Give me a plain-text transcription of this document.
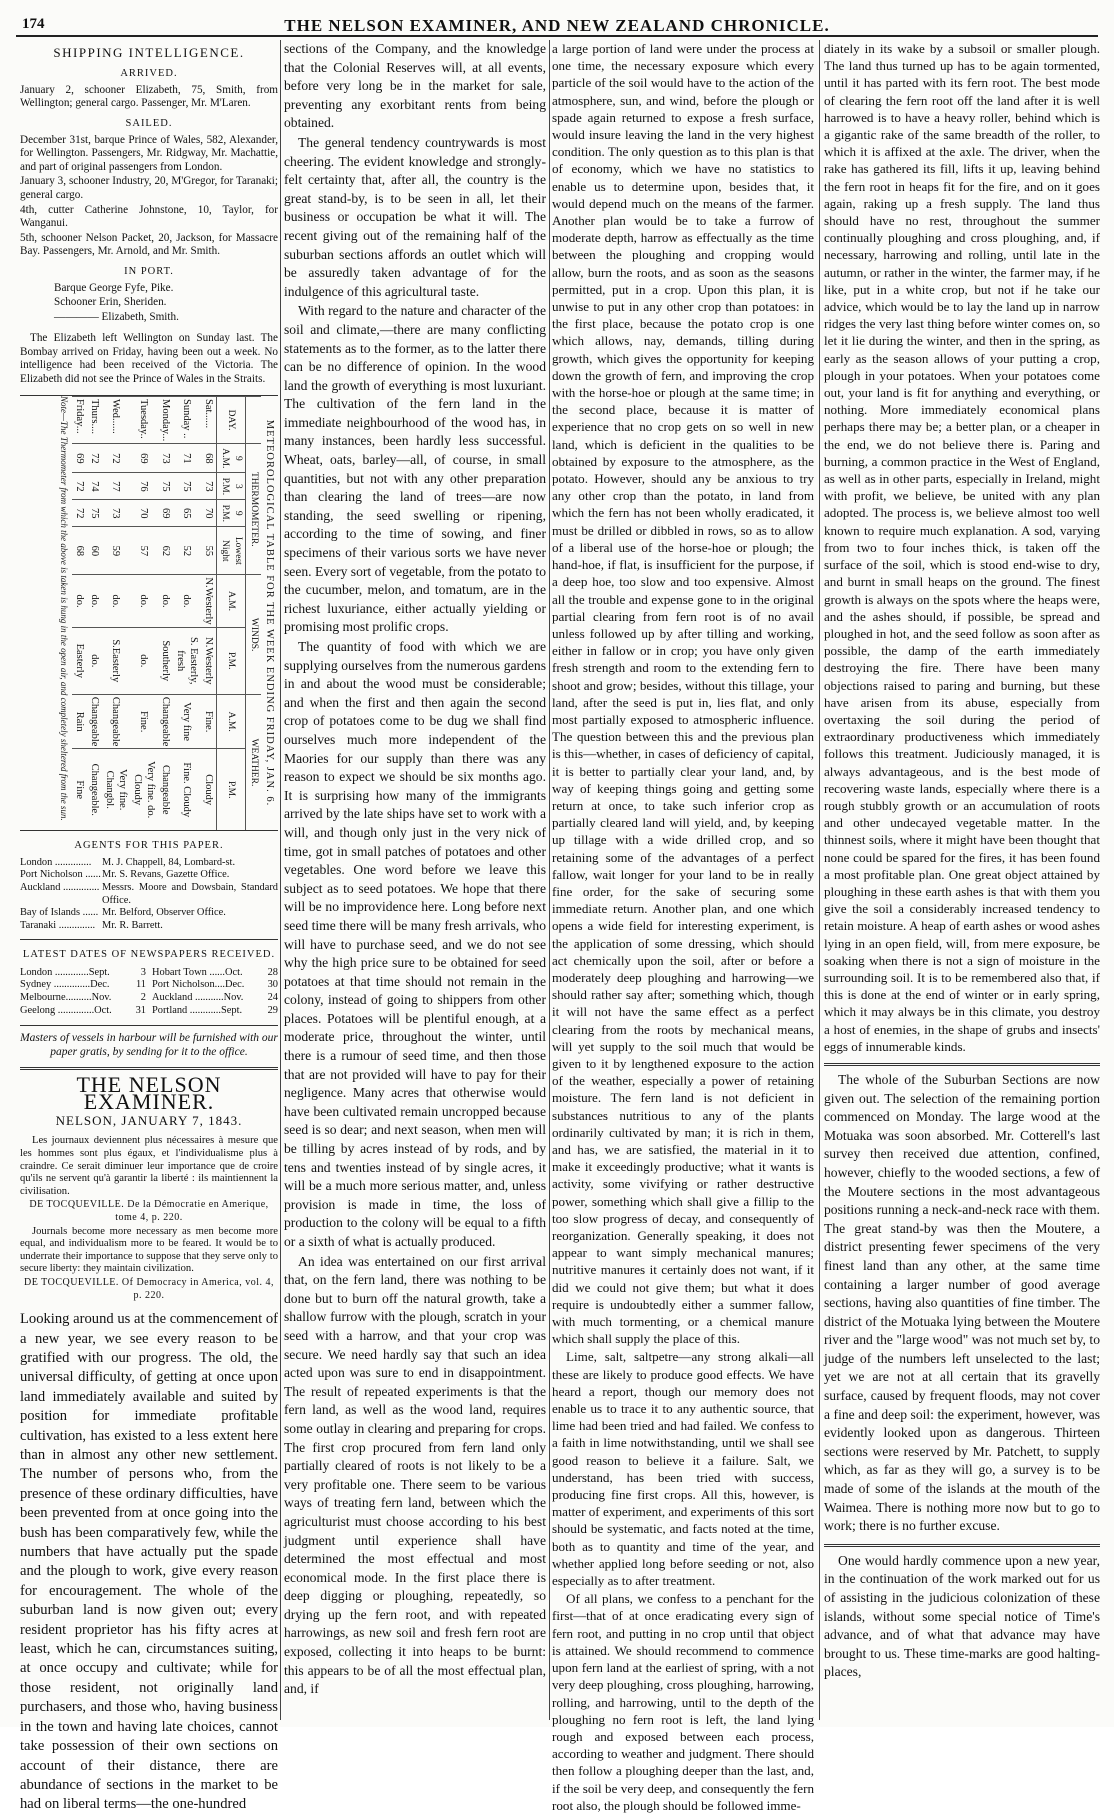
174	THE NELSON EXAMINER, AND NEW ZEALAND CHRONICLE.
SHIPPING INTELLIGENCE.
ARRIVED.

January 2, schooner Elizabeth, 75, Smith, from Wellington; general cargo. Passenger, Mr. M'Laren.

SAILED.

December 31st, barque Prince of Wales, 582, Alexander, for Wellington. Passengers, Mr. Ridgway, Mr. Machattie, and part of original passengers from London.

January 3, schooner Industry, 20, M'Gregor, for Taranaki; general cargo.

4th, cutter Catherine Johnstone, 10, Taylor, for Wanganui.

5th, schooner Nelson Packet, 20, Jackson, for Massacre Bay. Passengers, Mr. Arnold, and Mr. Smith.

IN PORT.

Barque George Fyfe, Pike.

Schooner Erin, Sheriden.

———— Elizabeth, Smith.

The Elizabeth left Wellington on Sunday last. The Bombay arrived on Friday, having been out a week. No intelligence had been received of the Victoria. The Elizabeth did not see the Prince of Wales in the Straits.

METEOROLOGICAL TABLE FOR THE WEEK ENDING FRIDAY, JAN. 6.
	THERMOMETER.				WINDS.		WEATHER.	
DAY.	9 A.M.	3 P.M.	9 P.M.	Lowest Night	A.M.	P.M.	A.M.	P.M.
Sat......	68	73	70	55	N.Westerly	N.Westerly	Fine.	Cloudy
Sunday ..	71	75	65	52	do.	S. Easterly, fresh	Very fine	Fine. Cloudy
Monday...	73	75	69	62	do.	Southerly	Changeable	Changeable
Tuesday..	69	76	70	57	do.	do.	Fine.	Very fine. do. Cloudy
Wed......	72	77	73	59	do.	S.Easterly	Changeable	Very fine. Changbl.
Thurs....	72	74	75	60	do.	do.	Changeable	Changeable.
Friday...	69	72	72	68	do.	Easterly	Rain	Fine
Note—The Thermometer from which the above is taken is hung in the open air, and completely sheltered from the sun.
AGENTS FOR THIS PAPER.
London ..............	M. J. Chappell, 84, Lombard-st.
Port Nicholson ...... Mr. S. Revans, Gazette Office.
Auckland .............. Messrs. Moore and Dowsbain, Standard Office.
Bay of Islands ...... Mr. Belford, Observer Office.
Taranaki .............. Mr. R. Barrett.
LATEST DATES OF NEWSPAPERS RECEIVED.
London .............Sept.	3 Hobart Town ......Oct. 28
Sydney ..............Dec.	11 Port Nicholson....Dec. 30
Melbourne..........Nov.	2 Auckland ...........Nov. 24
Geelong ..............Oct. 31 Portland ............Sept. 29
Masters of vessels in harbour will be furnished with our paper gratis, by sending for it to the office.
THE NELSON EXAMINER.
NELSON, JANUARY 7, 1843.

Les journaux deviennent plus nécessaires à mesure que les hommes sont plus égaux, et l'individualisme plus à craindre. Ce serait diminuer leur importance que de croire qu'ils ne servent qu'à garantir la liberté : ils maintiennent la civilisation.

DE TOCQUEVILLE. De la Démocratie en Amerique, tome 4, p. 220.

Journals become more necessary as men become more equal, and individualism more to be feared. It would be to underrate their importance to suppose that they serve only to secure liberty: they maintain civilization.

DE TOCQUEVILLE. Of Democracy in America, vol. 4, p. 220.

Looking around us at the commencement of a new year, we see every reason to be gratified with our progress. The old, the universal difficulty, of getting at once upon land immediately available and suited by position for immediate profitable cultivation, has existed to a less extent here than in almost any other new settlement. The number of persons who, from the presence of these ordinary difficulties, have been prevented from at once going into the bush has been comparatively few, while the numbers that have actually put the spade and the plough to work, give every reason for encouragement. The whole of the suburban land is now given out; every resident proprietor has his fifty acres at least, which he can, circumstances suiting, at once occupy and cultivate; while for those resident, not originally land purchasers, and those who, having business in the town and having late choices, cannot take possession of their own sections on account of their distance, there are abundance of sections in the market to be had on liberal terms—the one-hundred

sections of the Company, and the knowledge that the Colonial Reserves will, at all events, before very long be in the market for sale, preventing any exorbitant rents from being obtained.

The general tendency countrywards is most cheering. The evident knowledge and strongly-felt certainty that, after all, the country is the great stand-by, is to be seen in all, let their business or occupation be what it will. The recent giving out of the remaining half of the suburban sections affords an outlet which will be assuredly taken advantage of for the indulgence of this agricultural taste.

With regard to the nature and character of the soil and climate,—there are many conflicting statements as to the former, as to the latter there can be no difference of opinion. In the wood land the growth of everything is most luxuriant. The cultivation of the fern land in the immediate neighbourhood of the wood has, in many instances, been hardly less successful. Wheat, oats, barley—all, of course, in small quantities, but not with any other preparation than clearing the land of trees—are now standing, the seed swelling or ripening, according to the time of sowing, and finer specimens of their various sorts we have never seen. Every sort of vegetable, from the potato to the cucumber, melon, and tomatum, are in the richest luxuriance, either actually yielding or promising most prolific crops.

The quantity of food with which we are supplying ourselves from the numerous gardens in and about the wood must be considerable; and when the first and then again the second crop of potatoes come to be dug we shall find ourselves much more independent of the Maories for our supply than there was any reason to expect we should be six months ago. It is surprising how many of the immigrants arrived by the late ships have set to work with a will, and though only just in the very nick of time, got in small patches of potatoes and other vegetables. One word before we leave this subject as to seed potatoes. We hope that there will be no improvidence here. Long before next seed time there will be many fresh arrivals, who will have to purchase seed, and we do not see why the high price sure to be obtained for seed potatoes at that time should not remain in the colony, instead of going to shippers from other places. Potatoes will be plentiful enough, at a moderate price, throughout the winter, until there is a rumour of seed time, and then those that are not provided will have to pay for their negligence. Many acres that otherwise would have been cultivated remain uncropped because seed is so dear; and next season, when men will be tilling by acres instead of by rods, and by tens and twenties instead of by single acres, it will be a much more serious matter, and, unless provision is made in time, the loss of production to the colony will be equal to a fifth or a sixth of what is actually produced.

An idea was entertained on our first arrival that, on the fern land, there was nothing to be done but to burn off the natural growth, take a shallow furrow with the plough, scratch in your seed with a harrow, and that your crop was secure. We need hardly say that such an idea acted upon was sure to end in disappointment. The result of repeated experiments is that the fern land, as well as the wood land, requires some outlay in clearing and preparing for crops. The first crop procured from fern land only partially cleared of roots is not likely to be a very profitable one. There seem to be various ways of treating fern land, between which the agriculturist must choose according to his best judgment until experience shall have determined the most effectual and most economical mode. In the first place there is deep digging or ploughing, repeatedly, so drying up the fern root, and with repeated harrowings, as new soil and fresh fern root are exposed, collecting it into heaps to be burnt: this appears to be of all the most effectual plan, and, if

a large portion of land were under the process at one time, the necessary exposure which every particle of the soil would have to the action of the atmosphere, sun, and wind, before the plough or spade again returned to expose a fresh surface, would insure leaving the land in the very highest condition. The only question as to this plan is that of economy, which we have no statistics to enable us to determine upon, besides that, it would depend much on the means of the farmer. Another plan would be to take a furrow of moderate depth, harrow as effectually as the time between the ploughing and cropping would allow, burn the roots, and as soon as the seasons permitted, put in a crop. Upon this plan, it is unwise to put in any other crop than potatoes: in the first place, because the potato crop is one which allows, nay, demands, tilling during growth, which gives the opportunity for keeping down the growth of fern, and improving the crop with the horse-hoe or plough at the same time; in the second place, because it is matter of experience that no crop gets on so well in new land, which is deficient in the qualities to be obtained by exposure to the atmosphere, as the potato. However, should any be anxious to try any other crop than the potato, in land from which the fern has not been wholly eradicated, it must be drilled or dibbled in rows, so as to allow of a liberal use of the horse-hoe or plough; the hand-hoe, if flat, is insufficient for the purpose, if a deep hoe, too slow and too expensive. Almost all the trouble and expense gone to in the original partial clearing from fern root is of no avail unless followed up by after tilling and working, either in fallow or in crop; you have only given fresh strength and room to the extending fern to shoot and grow; besides, without this tillage, your land, after the seed is put in, lies flat, and only most partially exposed to atmospheric influence. The question between this and the previous plan is this—whether, in cases of deficiency of capital, it is better to partially clear your land, and, by way of keeping things going and getting some return at once, to take such inferior crop as partially cleared land will yield, and, by keeping up tillage with a wide drilled crop, and so retaining some of the advantages of a perfect fallow, wait longer for your land to be in really fine order, for the sake of securing some immediate return. Another plan, and one which opens a wide field for interesting experiment, is the application of some dressing, which should act chemically upon the soil, after or before a moderately deep ploughing and harrowing—we should rather say after; something which, though it will not have the same effect as a perfect clearing from the roots by mechanical means, will yet supply to the soil much that would be given to it by lengthened exposure to the action of the weather, especially a power of retaining moisture. The fern land is not deficient in substances nutritious to any of the plants ordinarily cultivated by man; it is rich in them, and has, we are satisfied, the material in it to make it exceedingly productive; what it wants is activity, some vivifying or rather destructive power, something which shall give a fillip to the too slow progress of decay, and consequently of reorganization. Generally speaking, it does not appear to want simply mechanical manures; nutritive manures it certainly does not want, if it did we could not give them; but what it does require is undoubtedly either a summer fallow, with much tormenting, or a chemical manure which shall supply the place of this.

Lime, salt, saltpetre—any strong alkali—all these are likely to produce good effects. We have heard a report, though our memory does not enable us to trace it to any authentic source, that lime had been tried and had failed. We confess to a faith in lime notwithstanding, until we shall see good reason to believe it a failure. Salt, we understand, has been tried with success, producing fine first crops. All this, however, is matter of experiment, and experiments of this sort should be systematic, and facts noted at the time, both as to quantity and time of the year, and whether applied long before seeding or not, also especially as to after treatment.

Of all plans, we confess to a penchant for the first—that of at once eradicating every sign of fern root, and putting in no crop until that object is attained. We should recommend to commence upon fern land at the earliest of spring, with a not very deep ploughing, cross ploughing, harrowing, rolling, and harrowing, until to the depth of the ploughing no fern root is left, the land lying rough and exposed between each process, according to weather and judgment. There should then follow a ploughing deeper than the last, and, if the soil be very deep, and consequently the fern root also, the plough should be followed imme-

diately in its wake by a subsoil or smaller plough. The land thus turned up has to be again tormented, until it has parted with its fern root. The best mode of clearing the fern root off the land after it is well harrowed is to have a heavy roller, behind which is a gigantic rake of the same breadth of the roller, to which it is affixed at the axle. The driver, when the rake has gathered its fill, lifts it up, leaving behind the fern root in heaps fit for the fire, and on it goes again, raking up a fresh supply. The land thus should have no rest, throughout the summer continually ploughing and cross ploughing, and, if necessary, harrowing and rolling, until late in the autumn, or rather in the winter, the farmer may, if he like, put in a white crop, but not if he take our advice, which would be to lay the land up in narrow ridges the very last thing before winter comes on, so let it lie during the winter, and then in the spring, as early as the season allows of your putting a crop, plough in your potatoes. When your potatoes come out, your land is fit for anything and everything, or nothing. More immediately economical plans perhaps there may be; a better plan, or a cheaper in the end, we do not believe there is. Paring and burning, a common practice in the West of England, as well as in other parts, especially in Ireland, might with profit, we believe, be united with any plan adopted. The process is, we believe almost too well known to require much explanation. A sod, varying from two to four inches thick, is taken off the surface of the soil, which is stood end-wise to dry, and burnt in small heaps on the ground. The finest growth is always on the spots where the heaps were, and the ashes should, if possible, be spread and ploughed in hot, and the seed follow as soon after as possible, the damp of the earth immediately destroying the fire. There have been many objections raised to paring and burning, but these have arisen from its abuse, especially from overtaxing the soil during the period of extraordinary productiveness which immediately follows this treatment. Judiciously managed, it is always advantageous, and is the best mode of recovering waste lands, especially where there is a rough stubbly growth or an accumulation of roots and other undecayed vegetable matter. In the thinnest soils, where it might have been thought that none could be spared for the fires, it has been found a most profitable plan. One great object attained by ploughing in these earth ashes is that with them you give the soil a considerably increased tendency to retain moisture. A heap of earth ashes or wood ashes lying in an open field, will, from mere exposure, be soaking when there is not a sign of moisture in the surrounding soil. It is to be remembered also that, if this is done at the end of winter or in early spring, which it may always be in this climate, you destroy a host of enemies, in the shape of grubs and insects' eggs of innumerable kinds.

The whole of the Suburban Sections are now given out. The selection of the remaining portion commenced on Monday. The large wood at the Motuaka was soon absorbed. Mr. Cotterell's last survey then received due attention, confined, however, chiefly to the wooded sections, a few of the Moutere sections in the most advantageous positions running a neck-and-neck race with them. The great stand-by was then the Moutere, a district presenting fewer specimens of the very finest land than any other, at the same time containing a larger number of good average sections, having also quantities of fine timber. The district of the Motuaka lying between the Moutere river and the "large wood" was not much set by, to judge of the numbers left unselected to the last; yet we are not at all certain that its gravelly surface, caused by frequent floods, may not cover a fine and deep soil: the experiment, however, was evidently looked upon as dangerous. Thirteen sections were reserved by Mr. Patchett, to supply which, as far as they will go, a survey is to be made of some of the islands at the mouth of the Waimea. There is nothing more now but to go to work; there is no further excuse.

One would hardly commence upon a new year, in the continuation of the work marked out for us of assisting in the judicious colonization of these islands, without some special notice of Time's advance, and of what that advance may have brought to us. These time-marks are good halting-places,
